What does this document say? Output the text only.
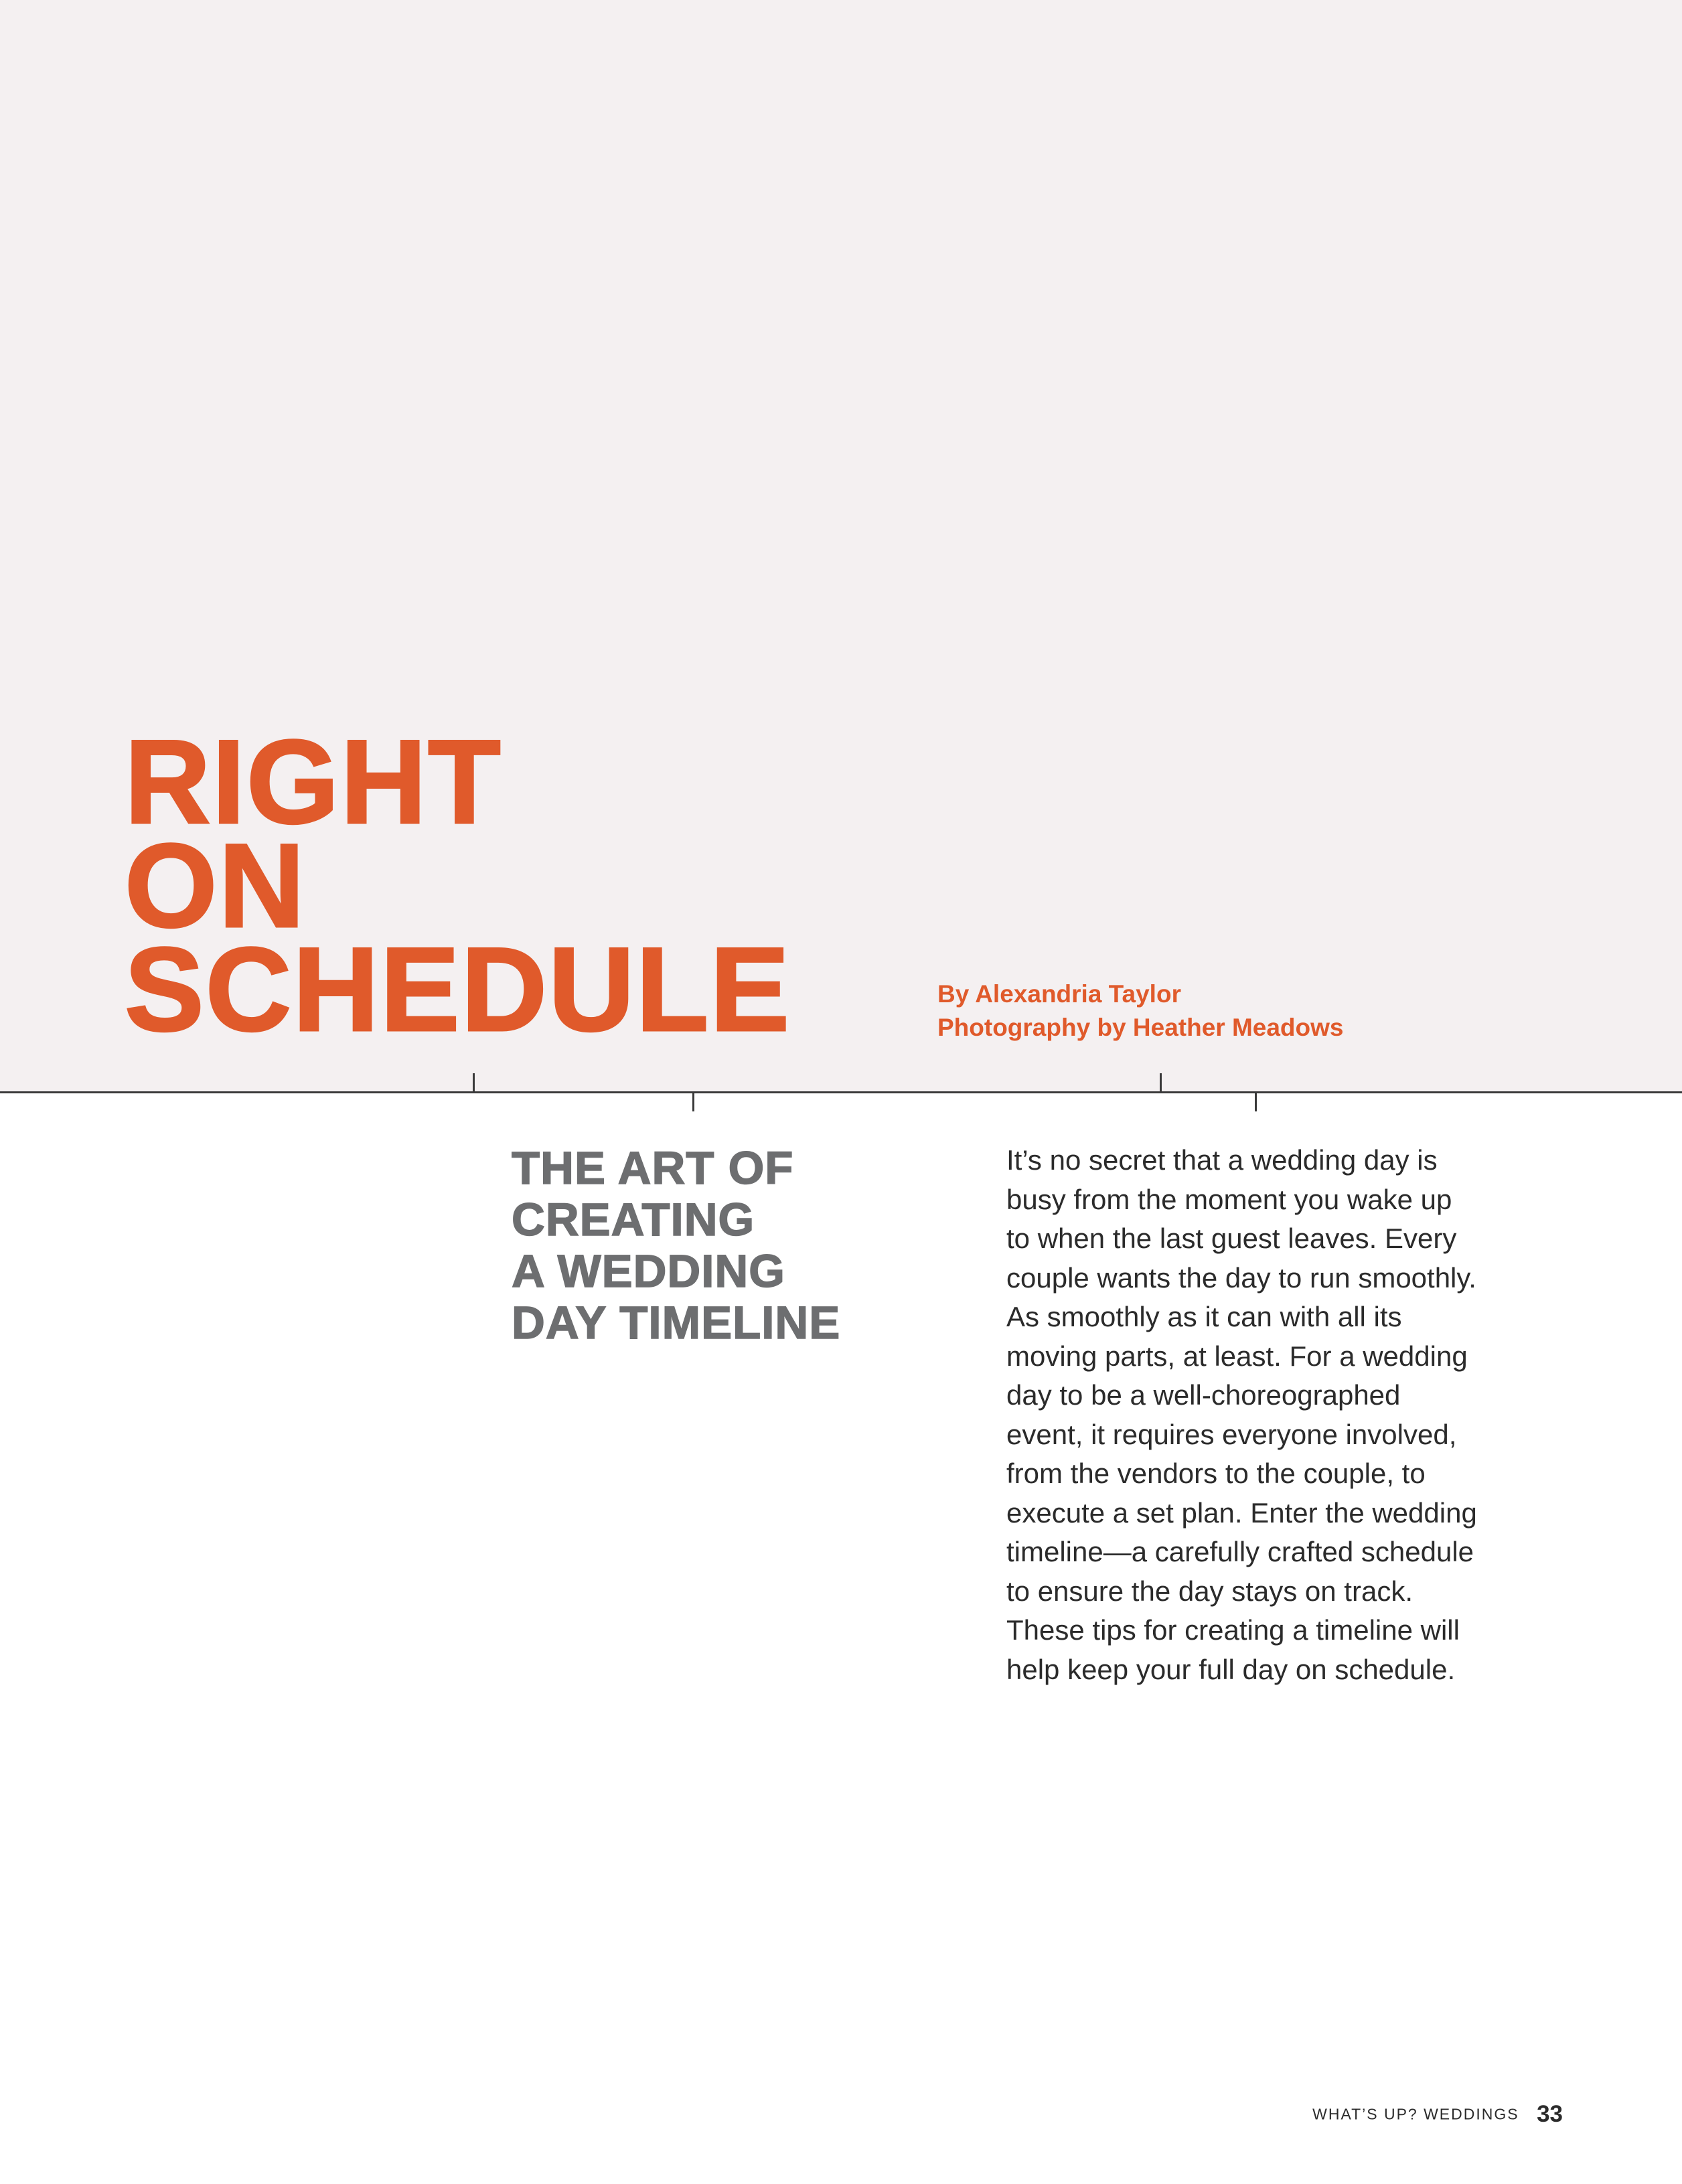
RIGHT
ON
SCHEDULE	By Alexandria Taylor
Photography by Heather Meadows
THE ART OF
CREATING
A WEDDING
DAY TIMELINE

It’s no secret that a wedding day is
busy from the moment you wake up
to when the last guest leaves. Every
couple wants the day to run smoothly.
As smoothly as it can with all its
moving parts, at least. For a wedding
day to be a well-choreographed
event, it requires everyone involved,
from the vendors to the couple, to
execute a set plan. Enter the wedding
timeline—a carefully crafted schedule
to ensure the day stays on track.
These tips for creating a timeline will
help keep your full day on schedule.

WHAT’S UP? WEDDINGS 33
